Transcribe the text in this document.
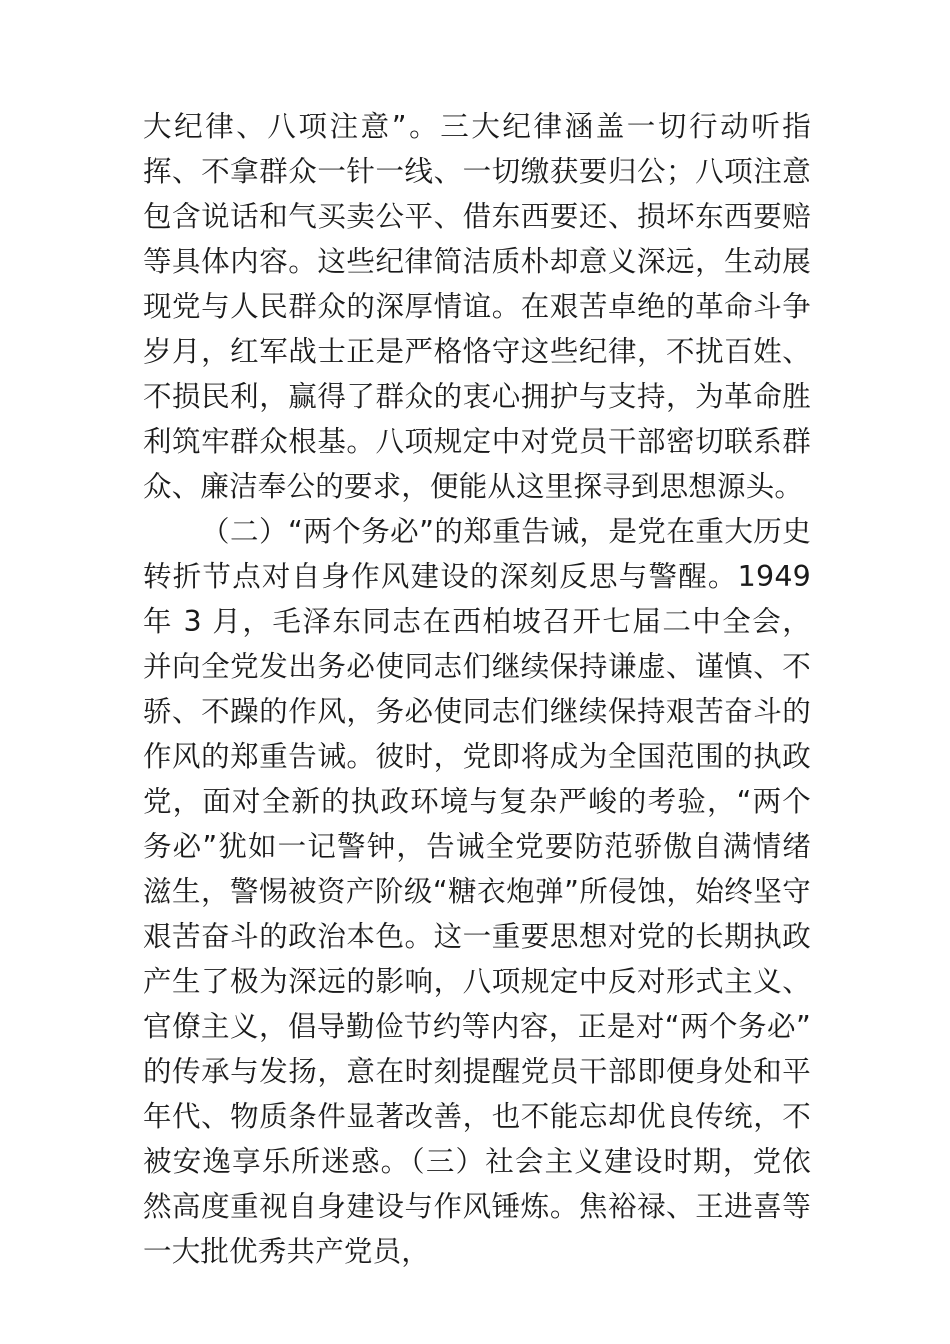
大纪律、八项注意”。三大纪律涵盖一切行动听指挥、不拿群众一针一线、一切缴获要归公；八项注意包含说话和气买卖公平、借东西要还、损坏东西要赔等具体内容。这些纪律简洁质朴却意义深远，生动展现党与人民群众的深厚情谊。在艰苦卓绝的革命斗争岁月，红军战士正是严格恪守这些纪律，不扰百姓、不损民利，赢得了群众的衷心拥护与支持，为革命胜利筑牢群众根基。八项规定中对党员干部密切联系群众、廉洁奉公的要求，便能从这里探寻到思想源头。

（二）“两个务必”的郑重告诫，是党在重大历史转折节点对自身作风建设的深刻反思与警醒。1949 年 3 月，毛泽东同志在西柏坡召开七届二中全会，并向全党发出务必使同志们继续保持谦虚、谨慎、不骄、不躁的作风，务必使同志们继续保持艰苦奋斗的作风的郑重告诫。彼时，党即将成为全国范围的执政党，面对全新的执政环境与复杂严峻的考验，“两个务必”犹如一记警钟，告诫全党要防范骄傲自满情绪滋生，警惕被资产阶级“糖衣炮弹”所侵蚀，始终坚守艰苦奋斗的政治本色。这一重要思想对党的长期执政产生了极为深远的影响，八项规定中反对形式主义、官僚主义，倡导勤俭节约等内容，正是对“两个务必”的传承与发扬，意在时刻提醒党员干部即便身处和平年代、物质条件显著改善，也不能忘却优良传统，不被安逸享乐所迷惑。（三）社会主义建设时期，党依然高度重视自身建设与作风锤炼。焦裕禄、王进喜等一大批优秀共产党员，
